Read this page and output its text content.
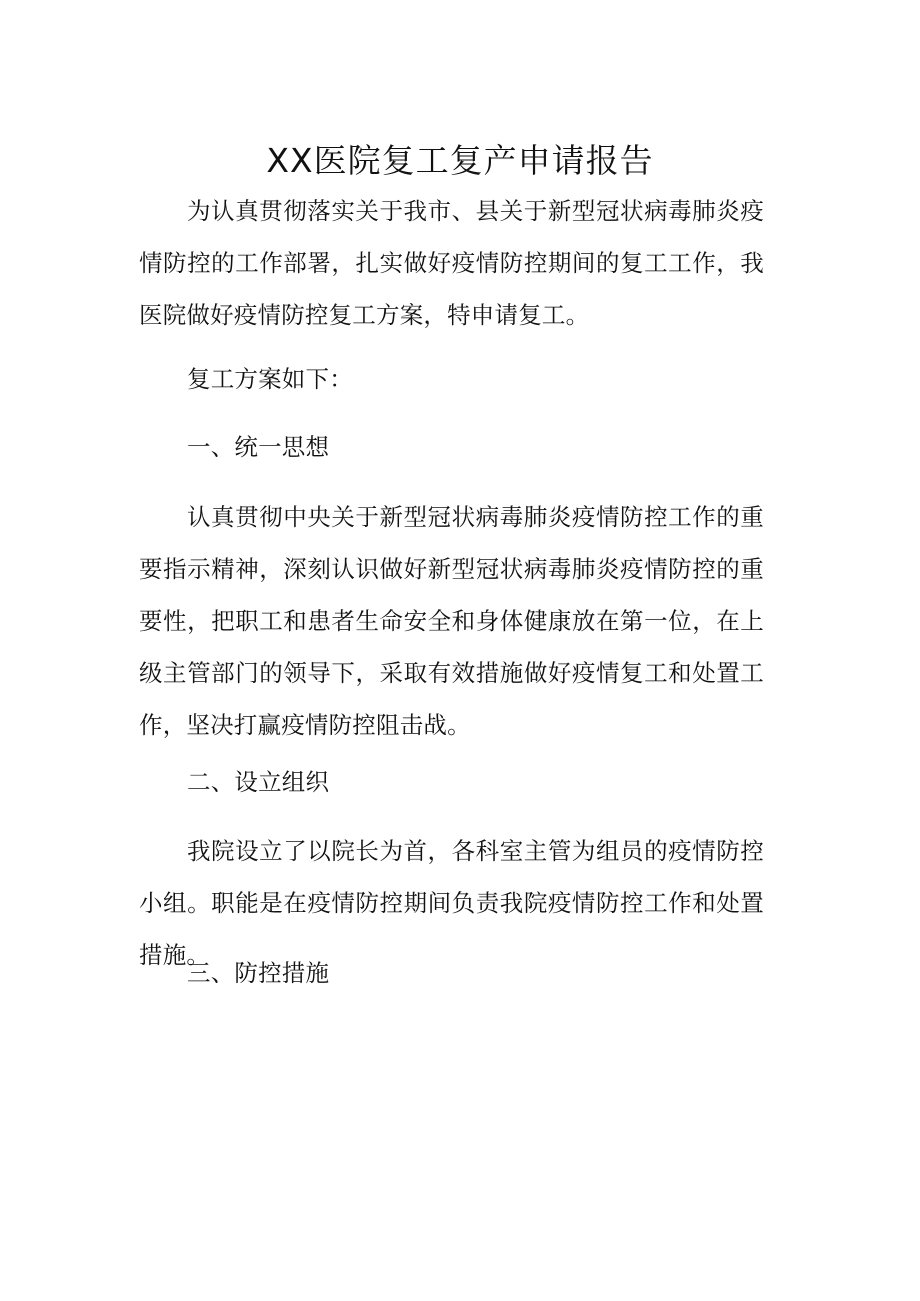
XX医院复工复产申请报告

为认真贯彻落实关于我市、县关于新型冠状病毒肺炎疫情防控的工作部署，扎实做好疫情防控期间的复工工作，我医院做好疫情防控复工方案，特申请复工。

复工方案如下：

一、统一思想

认真贯彻中央关于新型冠状病毒肺炎疫情防控工作的重要指示精神，深刻认识做好新型冠状病毒肺炎疫情防控的重要性，把职工和患者生命安全和身体健康放在第一位，在上级主管部门的领导下，采取有效措施做好疫情复工和处置工作，坚决打赢疫情防控阻击战。

二、设立组织

我院设立了以院长为首，各科室主管为组员的疫情防控小组。职能是在疫情防控期间负责我院疫情防控工作和处置措施。

三、防控措施
